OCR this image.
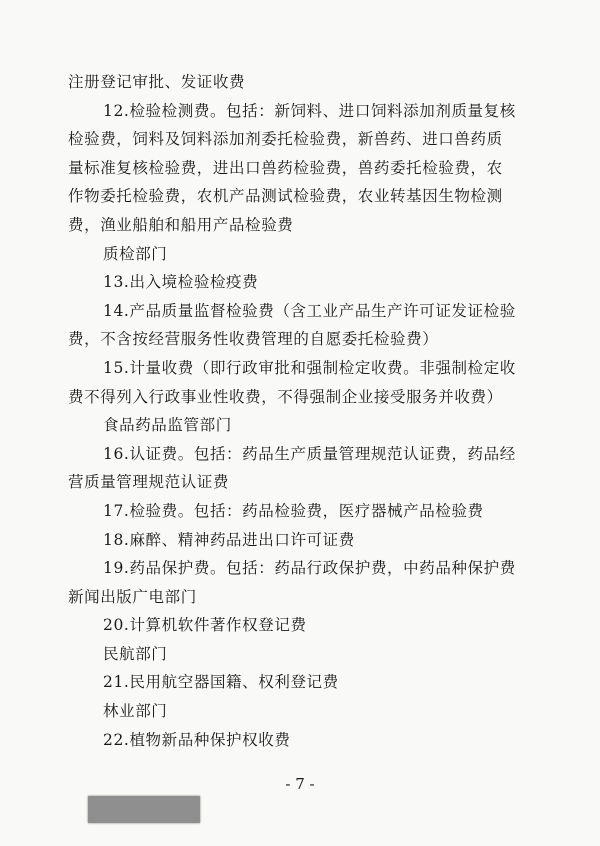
注册登记审批、发证收费
12.检验检测费。包括：新饲料、进口饲料添加剂质量复核
检验费，饲料及饲料添加剂委托检验费，新兽药、进口兽药质
量标准复核检验费，进出口兽药检验费，兽药委托检验费，农
作物委托检验费，农机产品测试检验费，农业转基因生物检测
费，渔业船舶和船用产品检验费
质检部门
13.出入境检验检疫费
14.产品质量监督检验费（含工业产品生产许可证发证检验
费，不含按经营服务性收费管理的自愿委托检验费）
15.计量收费（即行政审批和强制检定收费。非强制检定收
费不得列入行政事业性收费，不得强制企业接受服务并收费）
食品药品监管部门
16.认证费。包括：药品生产质量管理规范认证费，药品经
营质量管理规范认证费
17.检验费。包括：药品检验费，医疗器械产品检验费
18.麻醉、精神药品进出口许可证费
19.药品保护费。包括：药品行政保护费，中药品种保护费
新闻出版广电部门
20.计算机软件著作权登记费
民航部门
21.民用航空器国籍、权利登记费
林业部门
22.植物新品种保护权收费
- 7 -
